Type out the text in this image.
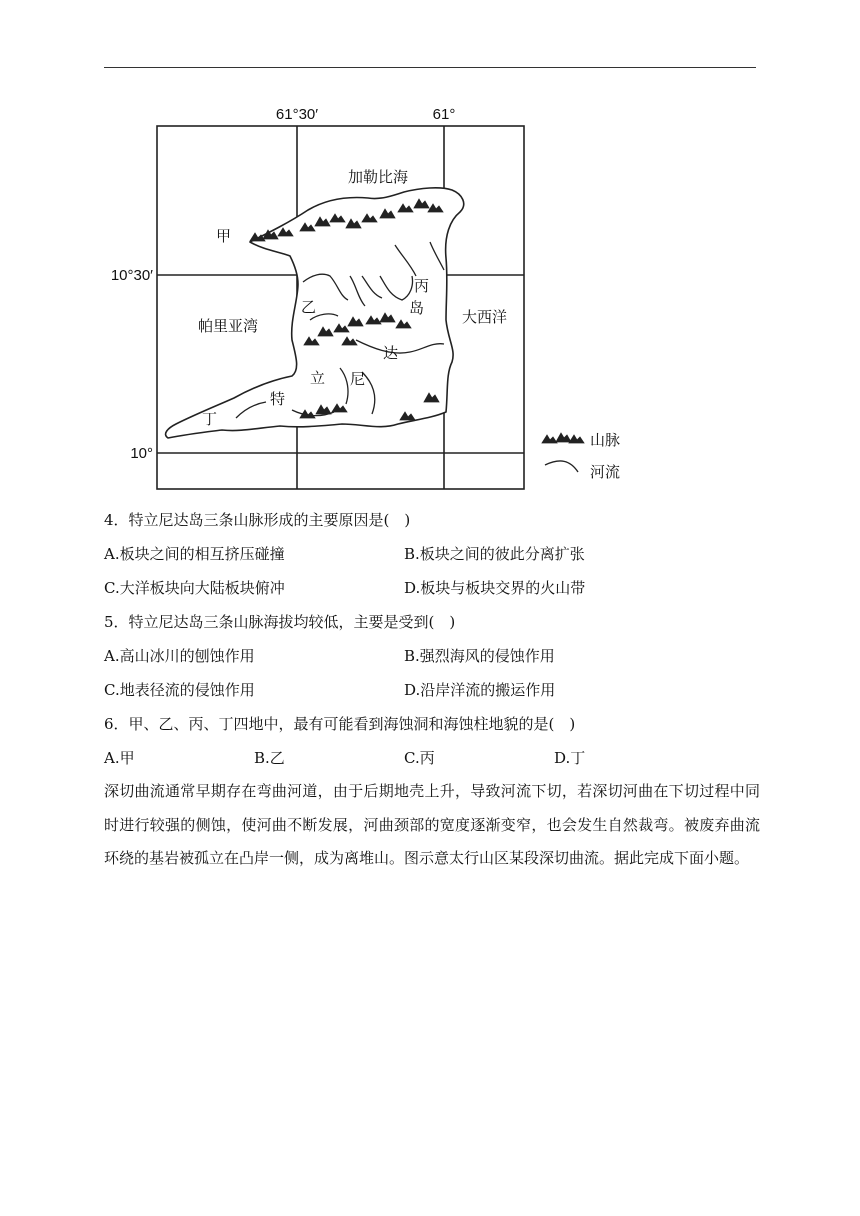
61°30′	61°
10°30′
10°
加勒比海
帕里亚湾	大西洋
甲
乙
丙
岛
达
立 尼
特
丁
山脉
河流
4．特立尼达岛三条山脉形成的主要原因是(　)
A.板块之间的相互挤压碰撞	B.板块之间的彼此分离扩张
C.大洋板块向大陆板块俯冲	D.板块与板块交界的火山带
5．特立尼达岛三条山脉海拔均较低，主要是受到(　)
A.高山冰川的刨蚀作用	B.强烈海风的侵蚀作用
C.地表径流的侵蚀作用	D.沿岸洋流的搬运作用
6．甲、乙、丙、丁四地中，最有可能看到海蚀洞和海蚀柱地貌的是(　)
A.甲	B.乙	C.丙	D.丁
深切曲流通常早期存在弯曲河道，由于后期地壳上升，导致河流下切，若深切河曲在下切过程中同时进行较强的侧蚀，使河曲不断发展，河曲颈部的宽度逐渐变窄，也会发生自然裁弯。被废弃曲流环绕的基岩被孤立在凸岸一侧，成为离堆山。图示意太行山区某段深切曲流。据此完成下面小题。
